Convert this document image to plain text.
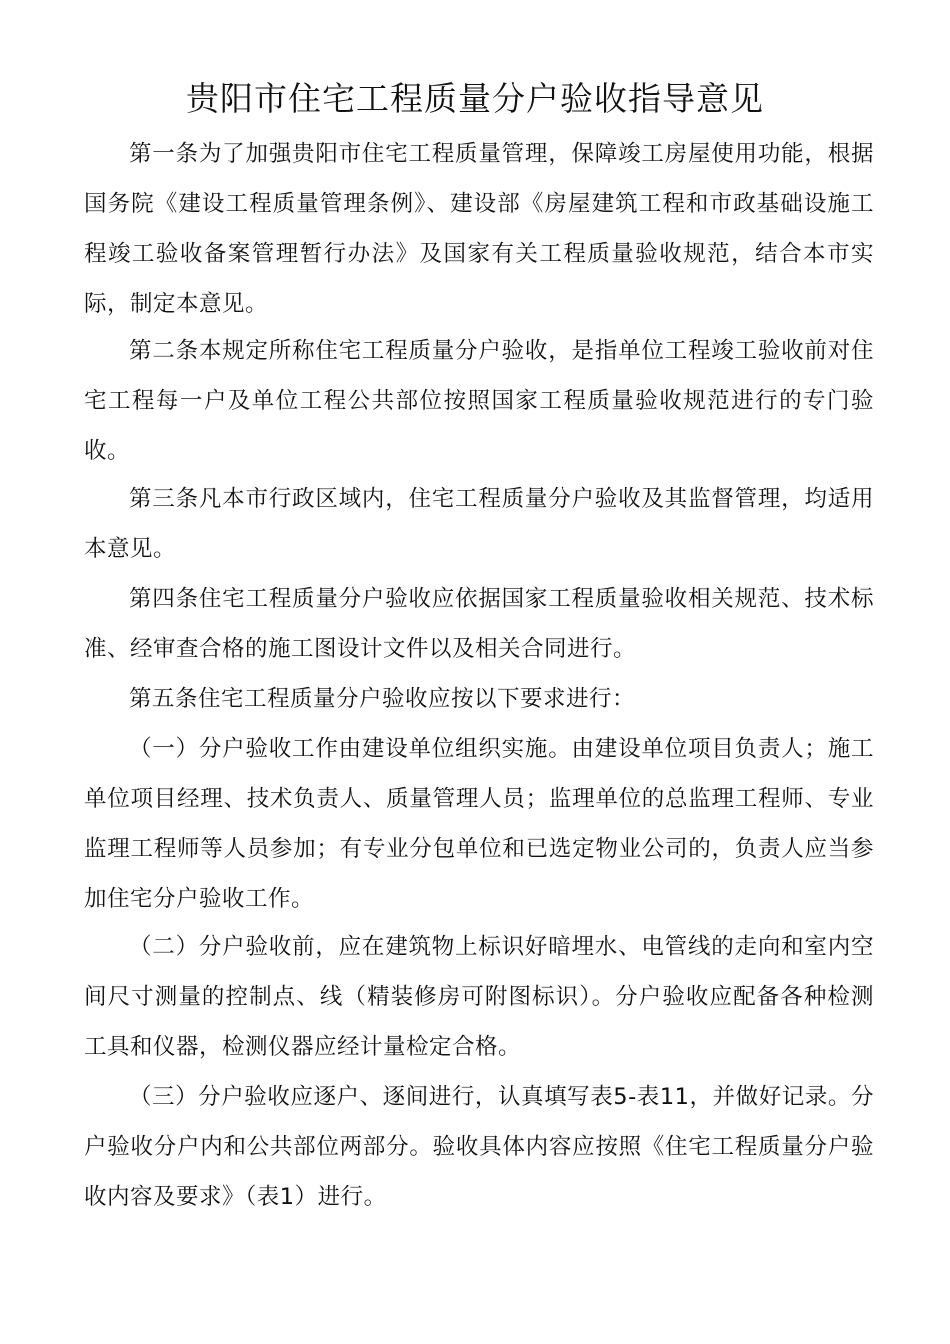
贵阳市住宅工程质量分户验收指导意见

第一条为了加强贵阳市住宅工程质量管理，保障竣工房屋使用功能，根据国务院《建设工程质量管理条例》、建设部《房屋建筑工程和市政基础设施工程竣工验收备案管理暂行办法》及国家有关工程质量验收规范，结合本市实际，制定本意见。

第二条本规定所称住宅工程质量分户验收，是指单位工程竣工验收前对住宅工程每一户及单位工程公共部位按照国家工程质量验收规范进行的专门验收。

第三条凡本市行政区域内，住宅工程质量分户验收及其监督管理，均适用本意见。

第四条住宅工程质量分户验收应依据国家工程质量验收相关规范、技术标准、经审查合格的施工图设计文件以及相关合同进行。

第五条住宅工程质量分户验收应按以下要求进行：

（一）分户验收工作由建设单位组织实施。由建设单位项目负责人；施工单位项目经理、技术负责人、质量管理人员；监理单位的总监理工程师、专业监理工程师等人员参加；有专业分包单位和已选定物业公司的，负责人应当参加住宅分户验收工作。

（二）分户验收前，应在建筑物上标识好暗埋水、电管线的走向和室内空间尺寸测量的控制点、线（精装修房可附图标识）。分户验收应配备各种检测工具和仪器，检测仪器应经计量检定合格。

（三）分户验收应逐户、逐间进行，认真填写表5-表11，并做好记录。分户验收分户内和公共部位两部分。验收具体内容应按照《住宅工程质量分户验收内容及要求》（表1）进行。
